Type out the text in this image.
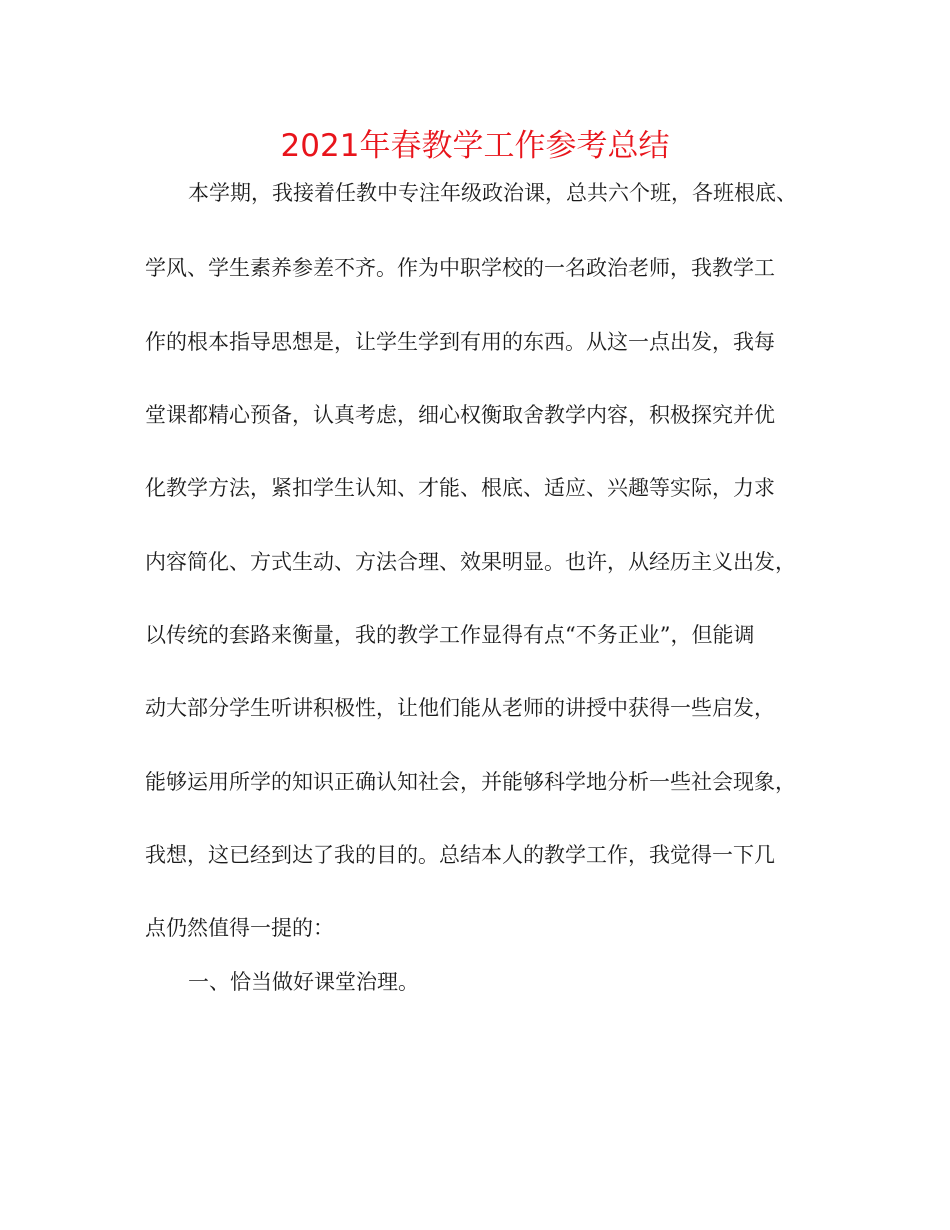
2021年春教学工作参考总结
本学期，我接着任教中专注年级政治课，总共六个班，各班根底、
学风、学生素养参差不齐。作为中职学校的一名政治老师，我教学工
作的根本指导思想是，让学生学到有用的东西。从这一点出发，我每
堂课都精心预备，认真考虑，细心权衡取舍教学内容，积极探究并优
化教学方法，紧扣学生认知、才能、根底、适应、兴趣等实际，力求
内容简化、方式生动、方法合理、效果明显。也许，从经历主义出发，
以传统的套路来衡量，我的教学工作显得有点“不务正业”，但能调
动大部分学生听讲积极性，让他们能从老师的讲授中获得一些启发，
能够运用所学的知识正确认知社会，并能够科学地分析一些社会现象，
我想，这已经到达了我的目的。总结本人的教学工作，我觉得一下几
点仍然值得一提的：
一、恰当做好课堂治理。
